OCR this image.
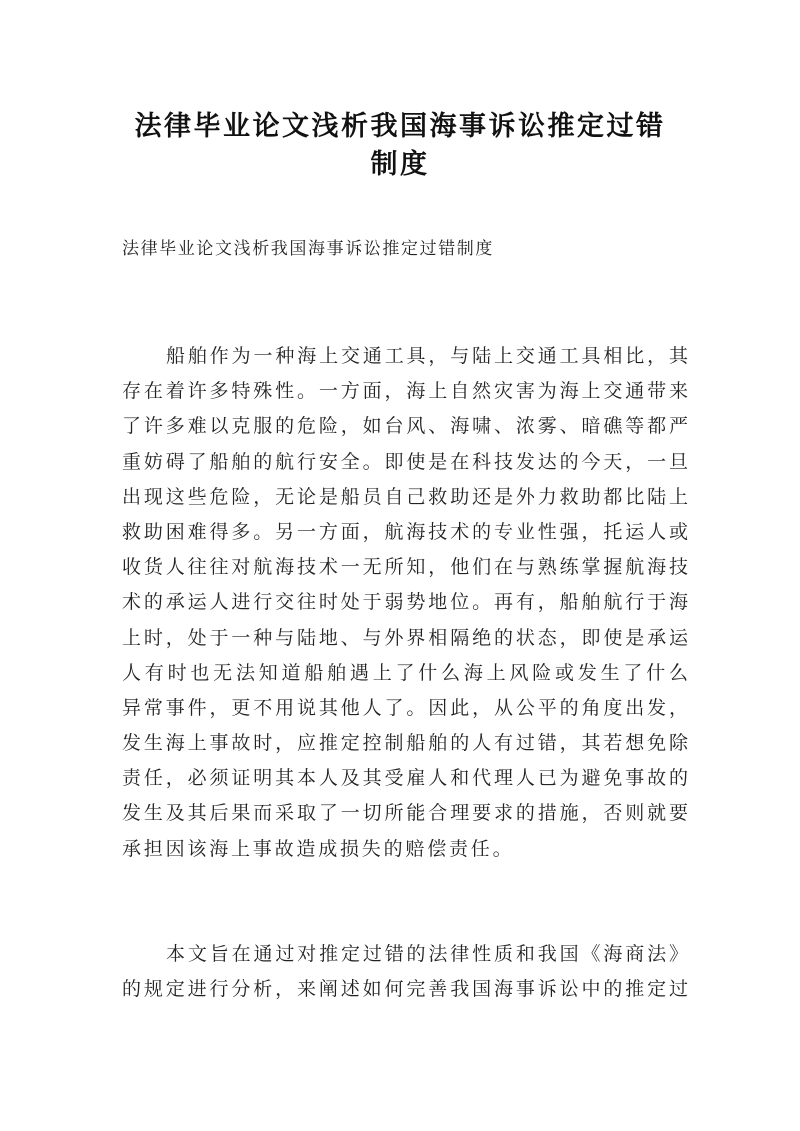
法律毕业论文浅析我国海事诉讼推定过错
制度
法律毕业论文浅析我国海事诉讼推定过错制度
船舶作为一种海上交通工具，与陆上交通工具相比，其
存在着许多特殊性。一方面，海上自然灾害为海上交通带来
了许多难以克服的危险，如台风、海啸、浓雾、暗礁等都严
重妨碍了船舶的航行安全。即使是在科技发达的今天，一旦
出现这些危险，无论是船员自己救助还是外力救助都比陆上
救助困难得多。另一方面，航海技术的专业性强，托运人或
收货人往往对航海技术一无所知，他们在与熟练掌握航海技
术的承运人进行交往时处于弱势地位。再有，船舶航行于海
上时，处于一种与陆地、与外界相隔绝的状态，即使是承运
人有时也无法知道船舶遇上了什么海上风险或发生了什么
异常事件，更不用说其他人了。因此，从公平的角度出发，
发生海上事故时，应推定控制船舶的人有过错，其若想免除
责任，必须证明其本人及其受雇人和代理人已为避免事故的
发生及其后果而采取了一切所能合理要求的措施，否则就要
承担因该海上事故造成损失的赔偿责任。
本文旨在通过对推定过错的法律性质和我国《海商法》
的规定进行分析，来阐述如何完善我国海事诉讼中的推定过
